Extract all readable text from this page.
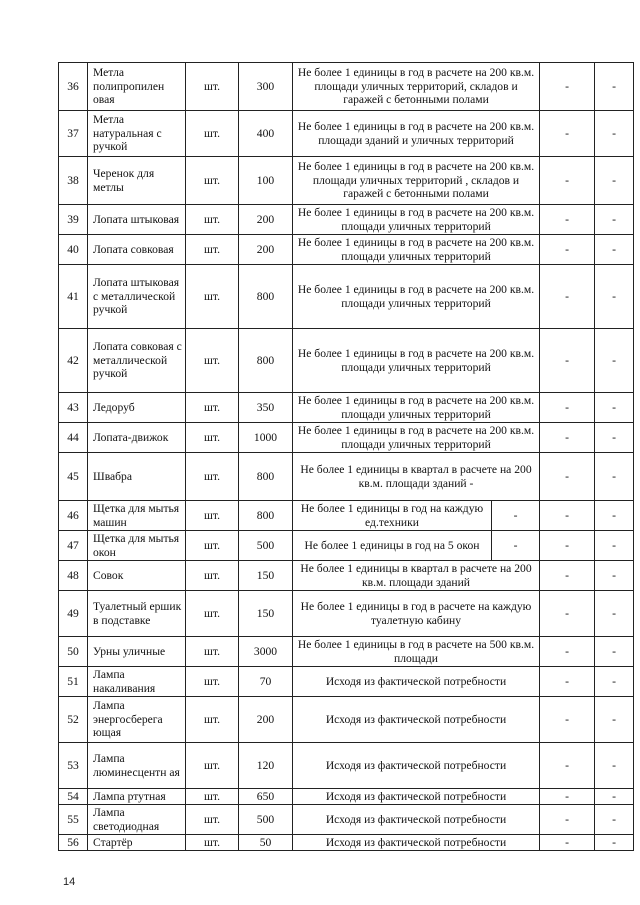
36	Метла полипропилен овая	шт.	300	Не более 1 единицы в год в расчете на 200 кв.м. площади уличных территорий, складов и гаражей с бетонными полами		-	-
37	Метла натуральная с ручкой	шт.	400	Не более 1 единицы в год в расчете на 200 кв.м. площади зданий и уличных территорий		-	-
38	Черенок для метлы	шт.	100	Не более 1 единицы в год в расчете на 200 кв.м. площади уличных территорий , складов и гаражей с бетонными полами		-	-
39	Лопата штыковая	шт.	200	Не более 1 единицы в год в расчете на 200 кв.м. площади уличных территорий		-	-
40	Лопата совковая	шт.	200	Не более 1 единицы в год в расчете на 200 кв.м. площади уличных территорий		-	-
41	Лопата штыковая с металлической ручкой	шт.	800	Не более 1 единицы в год в расчете на 200 кв.м. площади уличных территорий		-	-
42	Лопата совковая с металлической ручкой	шт.	800	Не более 1 единицы в год в расчете на 200 кв.м. площади уличных территорий		-	-
43	Ледоруб	шт.	350	Не более 1 единицы в год в расчете на 200 кв.м. площади уличных территорий		-	-
44	Лопата-движок	шт.	1000	Не более 1 единицы в год в расчете на 200 кв.м. площади уличных территорий		-	-
45	Швабра	шт.	800	Не более 1 единицы в квартал в расчете на 200 кв.м. площади зданий -		-	-
46	Щетка для мытья машин	шт.	800	Не более 1 единицы в год на каждую ед.техники	-	-	-
47	Щетка для мытья окон	шт.	500	Не более 1 единицы в год на 5 окон	-	-	-
48	Совок	шт.	150	Не более 1 единицы в квартал в расчете на 200 кв.м. площади зданий		-	-
49	Туалетный ершик в подставке	шт.	150	Не более 1 единицы в год в расчете на каждую туалетную кабину		-	-
50	Урны уличные	шт.	3000	Не более 1 единицы в год в расчете на 500 кв.м. площади		-	-
51	Лампа накаливания	шт.	70	Исходя из фактической потребности		-	-
52	Лампа энергосберега ющая	шт.	200	Исходя из фактической потребности		-	-
53	Лампа люминесцентн ая	шт.	120	Исходя из фактической потребности		-	-
54	Лампа ртутная	шт.	650	Исходя из фактической потребности		-	-
55	Лампа светодиодная	шт.	500	Исходя из фактической потребности		-	-
56	Стартёр	шт.	50	Исходя из фактической потребности		-	-
14
